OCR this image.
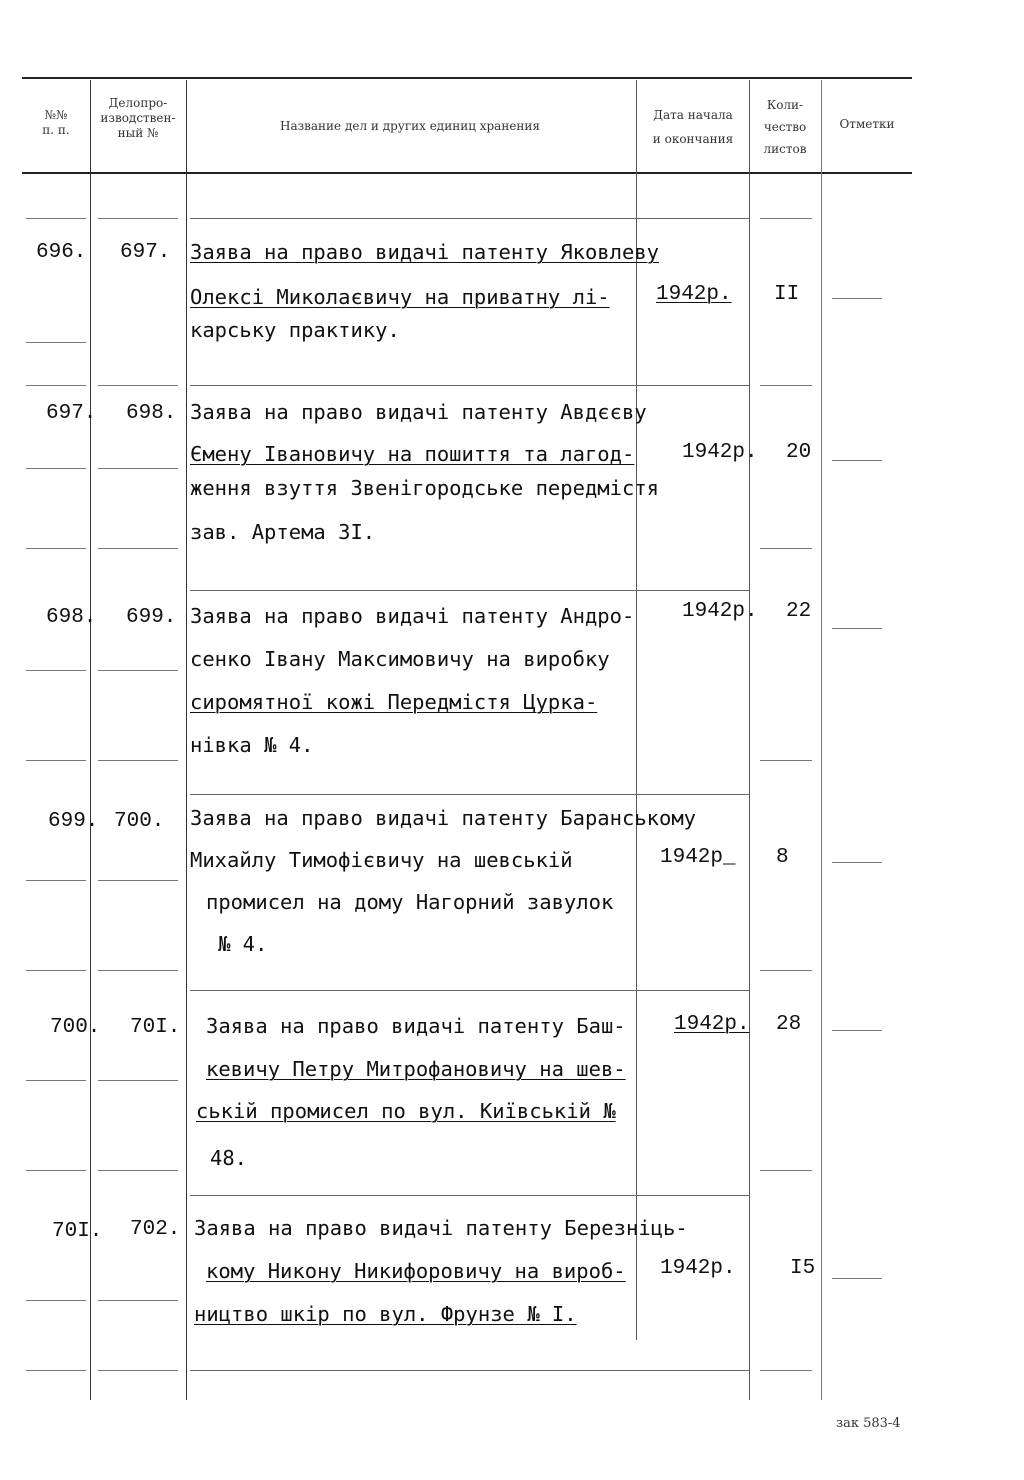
№№
п. п.
Делопро-
изводствен-
ный №	Название дел и других единиц хранения
Дата начала
и окончания
Коли-
чество
листов
Отметки
696. 697. Заява на право видачі патенту Яковлеву
Олексі Миколаєвичу на приватну лі-
карську практику.
1942р. II
697. 698. Заява на право видачі патенту Авдєєву
Ємену Івановичу на пошиття та лагод-
ження взуття Звенігородське передмістя
зав. Артема 3I.
1942р. 20
698. 699. Заява на право видачі патенту Андро-
сенко Івану Максимовичу на виробку
сиромятної кожі Передмістя Цурка-
нівка № 4.
1942р. 22
699. 700. Заява на право видачі патенту Баранському
Михайлу Тимофієвичу на шевській
промисел на дому Нагорний завулок
№ 4.
1942р_ 8
700. 70I. Заява на право видачі патенту Баш-
кевичу Петру Митрофановичу на шев-
ській промисел по вул. Київській №
48.
1942р. 28
70I. 702. Заява на право видачі патенту Березніць-
кому Никону Никифоровичу на вироб-
ництво шкір по вул. Фрунзе № I.
1942р.	I5
зак 583-4
